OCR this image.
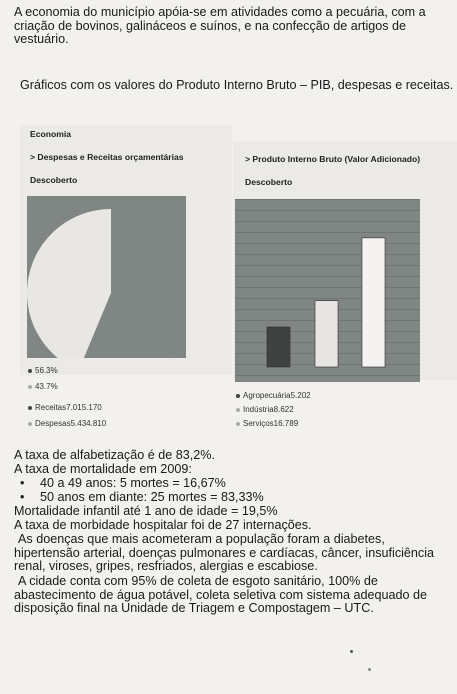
A economia do município apóia-se em atividades como a pecuária, com a criação de bovinos, galináceos e suínos, e na confecção de artigos de vestuário.
Gráficos com os valores do Produto Interno Bruto – PIB, despesas e receitas.
Economia
> Despesas e Receitas orçamentárias
Descoberto
56.3%
43.7%
Receitas7.015.170
Despesas5.434.810
> Produto Interno Bruto (Valor Adicionado)
Descoberto
Agropecuária5.202
Indústria8.622
Serviços16.789
A taxa de alfabetização é de 83,2%.
A taxa de mortalidade em 2009:
• 40 a 49 anos: 5 mortes = 16,67%
• 50 anos em diante: 25 mortes = 83,33%
Mortalidade infantil até 1 ano de idade = 19,5%
A taxa de morbidade hospitalar foi de 27 internações.
As doenças que mais acometeram a população foram a diabetes, hipertensão arterial, doenças pulmonares e cardíacas, câncer, insuficiência renal, viroses, gripes, resfriados, alergias e escabiose.
A cidade conta com 95% de coleta de esgoto sanitário, 100% de abastecimento de água potável, coleta seletiva com sistema adequado de disposição final na Unidade de Triagem e Compostagem – UTC.
